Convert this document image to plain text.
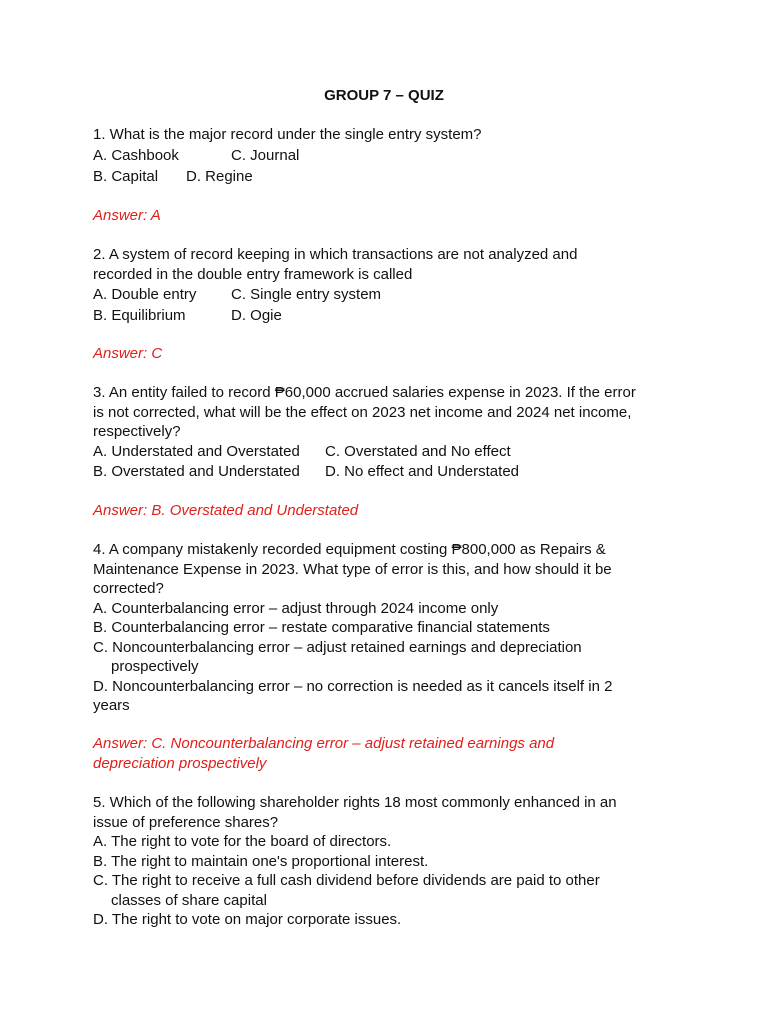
GROUP 7 – QUIZ

1. What is the major record under the single entry system?

A. Cashbook	C. Journal

B. Capital D. Regine

Answer: A

2. A system of record keeping in which transactions are not analyzed and

recorded in the double entry framework is called

A. Double entry C. Single entry system

B. Equilibrium	D. Ogie

Answer: C

3. An entity failed to record ₱60,000 accrued salaries expense in 2023. If the error

is not corrected, what will be the effect on 2023 net income and 2024 net income,

respectively?

A. Understated and Overstated C. Overstated and No effect

B. Overstated and Understated D. No effect and Understated

Answer: B. Overstated and Understated

4. A company mistakenly recorded equipment costing ₱800,000 as Repairs &

Maintenance Expense in 2023. What type of error is this, and how should it be

corrected?

A. Counterbalancing error – adjust through 2024 income only

B. Counterbalancing error – restate comparative financial statements

C. Noncounterbalancing error – adjust retained earnings and depreciation

prospectively

D. Noncounterbalancing error – no correction is needed as it cancels itself in 2

years

Answer: C. Noncounterbalancing error – adjust retained earnings and

depreciation prospectively

5. Which of the following shareholder rights 18 most commonly enhanced in an

issue of preference shares?

A. The right to vote for the board of directors.

B. The right to maintain one's proportional interest.

C. The right to receive a full cash dividend before dividends are paid to other

classes of share capital

D. The right to vote on major corporate issues.
